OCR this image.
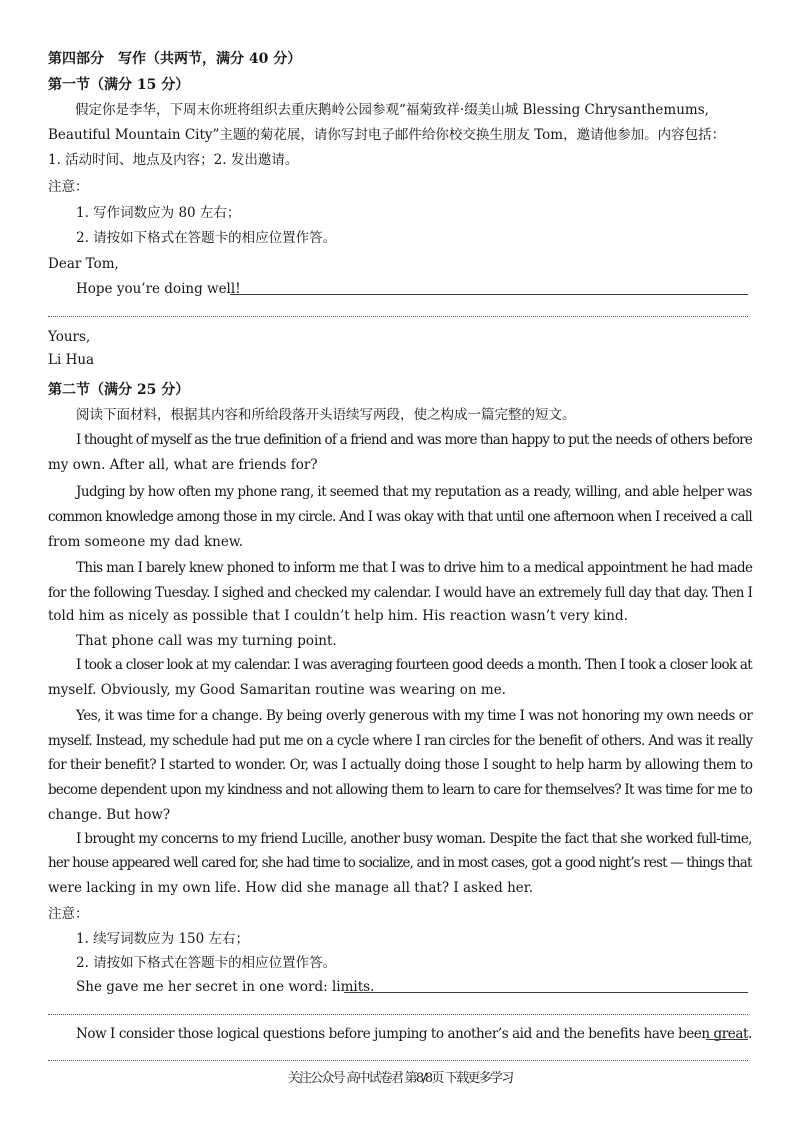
第四部分　写作（共两节，满分 40 分）
第一节（满分 15 分）
假定你是李华，下周末你班将组织去重庆鹅岭公园参观“福菊致祥·缀美山城 Blessing Chrysanthemums,
Beautiful Mountain City”主题的菊花展，请你写封电子邮件给你校交换生朋友 Tom，邀请他参加。内容包括：
1. 活动时间、地点及内容；2. 发出邀请。
注意：
1. 写作词数应为 80 左右；
2. 请按如下格式在答题卡的相应位置作答。
Dear Tom,
Hope you’re doing well!
Yours,
Li Hua
第二节（满分 25 分）
阅读下面材料，根据其内容和所给段落开头语续写两段，使之构成一篇完整的短文。
I thought of myself as the true definition of a friend and was more than happy to put the needs of others before
my own. After all, what are friends for?
Judging by how often my phone rang, it seemed that my reputation as a ready, willing, and able helper was
common knowledge among those in my circle. And I was okay with that until one afternoon when I received a call
from someone my dad knew.
This man I barely knew phoned to inform me that I was to drive him to a medical appointment he had made
for the following Tuesday. I sighed and checked my calendar. I would have an extremely full day that day. Then I
told him as nicely as possible that I couldn’t help him. His reaction wasn’t very kind.
That phone call was my turning point.
I took a closer look at my calendar. I was averaging fourteen good deeds a month. Then I took a closer look at
myself. Obviously, my Good Samaritan routine was wearing on me.
Yes, it was time for a change. By being overly generous with my time I was not honoring my own needs or
myself. Instead, my schedule had put me on a cycle where I ran circles for the benefit of others. And was it really
for their benefit? I started to wonder. Or, was I actually doing those I sought to help harm by allowing them to
become dependent upon my kindness and not allowing them to learn to care for themselves? It was time for me to
change. But how?
I brought my concerns to my friend Lucille, another busy woman. Despite the fact that she worked full-time,
her house appeared well cared for, she had time to socialize, and in most cases, got a good night’s rest — things that
were lacking in my own life. How did she manage all that? I asked her.
注意：
1. 续写词数应为 150 左右；
2. 请按如下格式在答题卡的相应位置作答。
She gave me her secret in one word: limits.
Now I consider those logical questions before jumping to another’s aid and the benefits have been great.
关注公众号 高中试卷君 第8/8页 下载更多学习
